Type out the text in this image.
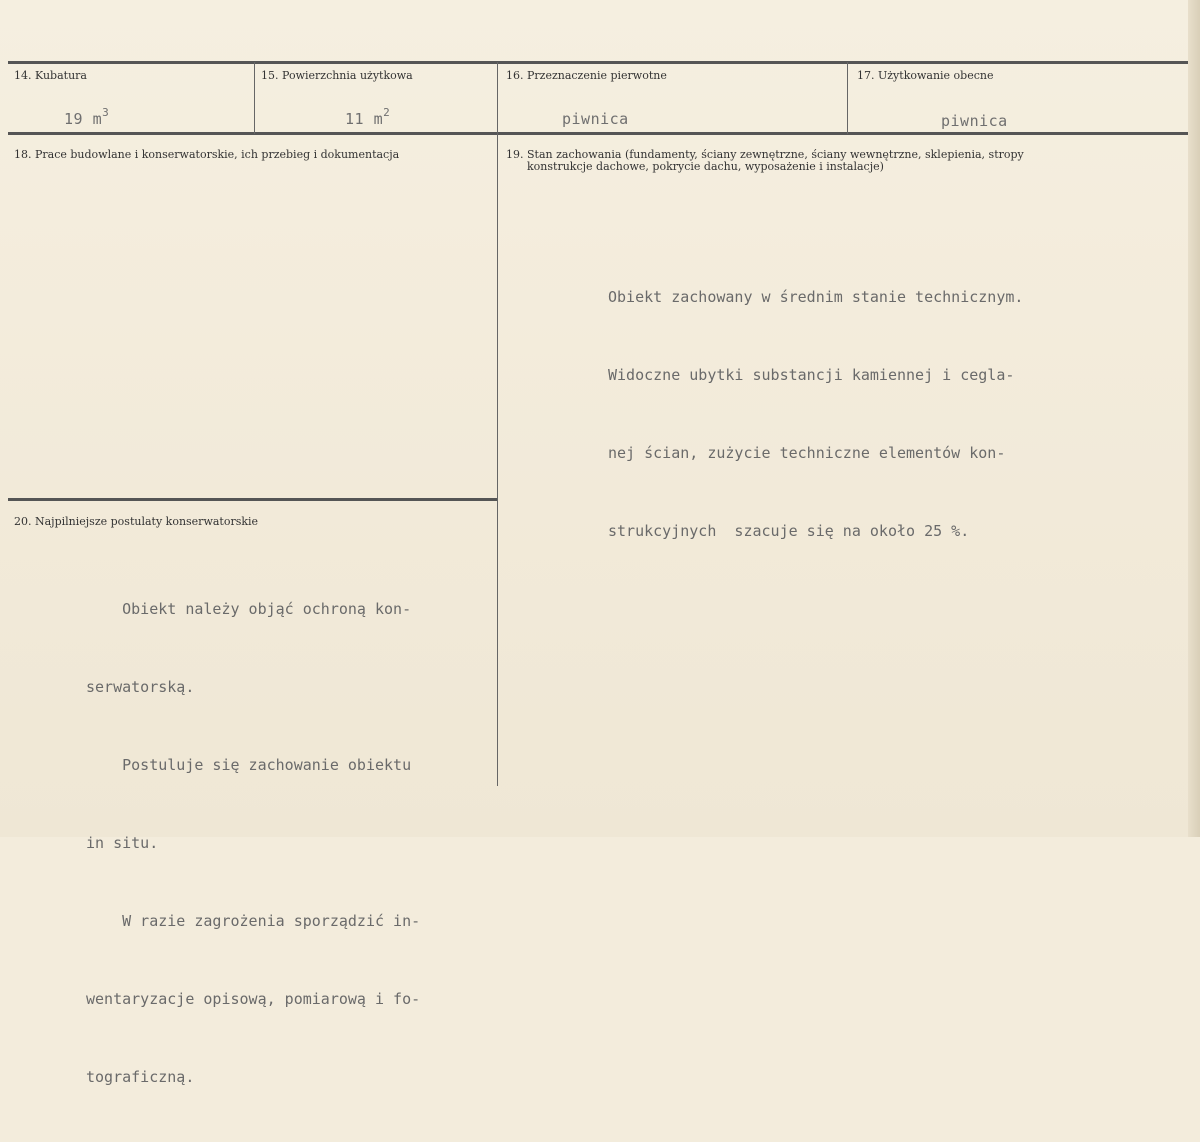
14. Kubatura
19 $m^3$
15. Powierzchnia użytkowa
11 $m^2$
16. Przeznaczenie pierwotne
piwnica
17. Użytkowanie obecne
piwnica
18. Prace budowlane i konserwatorskie, ich przebieg i dokumentacja	19. Stan zachowania (fundamenty, ściany zewnętrzne, ściany wewnętrzne, sklepienia, stropy
konstrukcje dachowe, pokrycie dachu, wyposażenie i instalacje)

Obiekt zachowany w średnim stanie technicznym.

Widoczne ubytki substancji kamiennej i cegla-

nej ścian, zużycie techniczne elementów kon-

strukcyjnych  szacuje się na około 25 %.

20. Najpilniejsze postulaty konserwatorskie

Obiekt należy objąć ochroną kon-

serwatorską.

Postuluje się zachowanie obiektu

in situ.

W razie zagrożenia sporządzić in-

wentaryzacje opisową, pomiarową i fo-

tograficzną.
